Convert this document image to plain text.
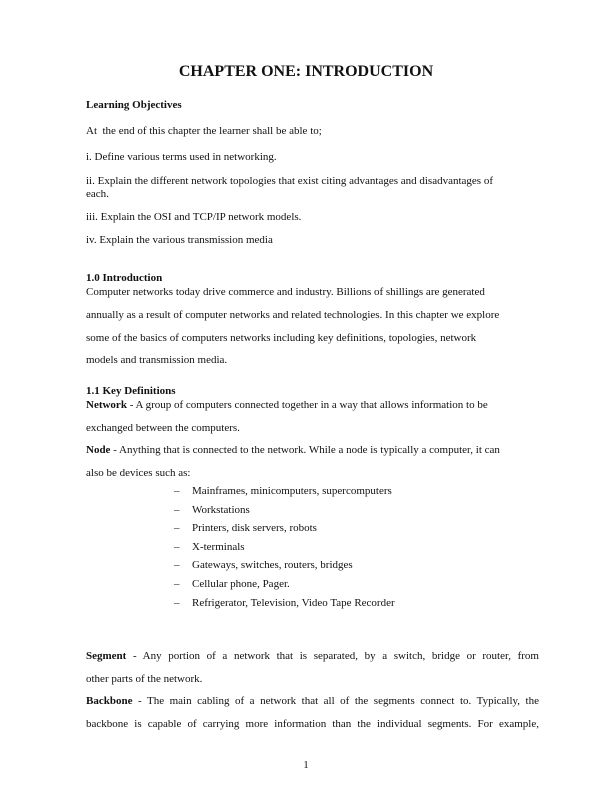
CHAPTER ONE: INTRODUCTION
Learning Objectives
At  the end of this chapter the learner shall be able to;
i. Define various terms used in networking.
ii. Explain the different network topologies that exist citing advantages and disadvantages of
each.
iii. Explain the OSI and TCP/IP network models.
iv. Explain the various transmission media
1.0 Introduction
Computer networks today drive commerce and industry. Billions of shillings are generated
annually as a result of computer networks and related technologies. In this chapter we explore
some of the basics of computers networks including key definitions, topologies, network
models and transmission media.
1.1 Key Definitions
Network - A group of computers connected together in a way that allows information to be
exchanged between the computers.
Node - Anything that is connected to the network. While a node is typically a computer, it can
also be devices such as:
– Mainframes, minicomputers, supercomputers
– Workstations
– Printers, disk servers, robots
– X-terminals
– Gateways, switches, routers, bridges
– Cellular phone, Pager.
– Refrigerator, Television, Video Tape Recorder
Segment - Any portion of a network that is separated, by a switch, bridge or router, from
other parts of the network.
Backbone - The main cabling of a network that all of the segments connect to. Typically, the
backbone is capable of carrying more information than the individual segments. For example,
1
